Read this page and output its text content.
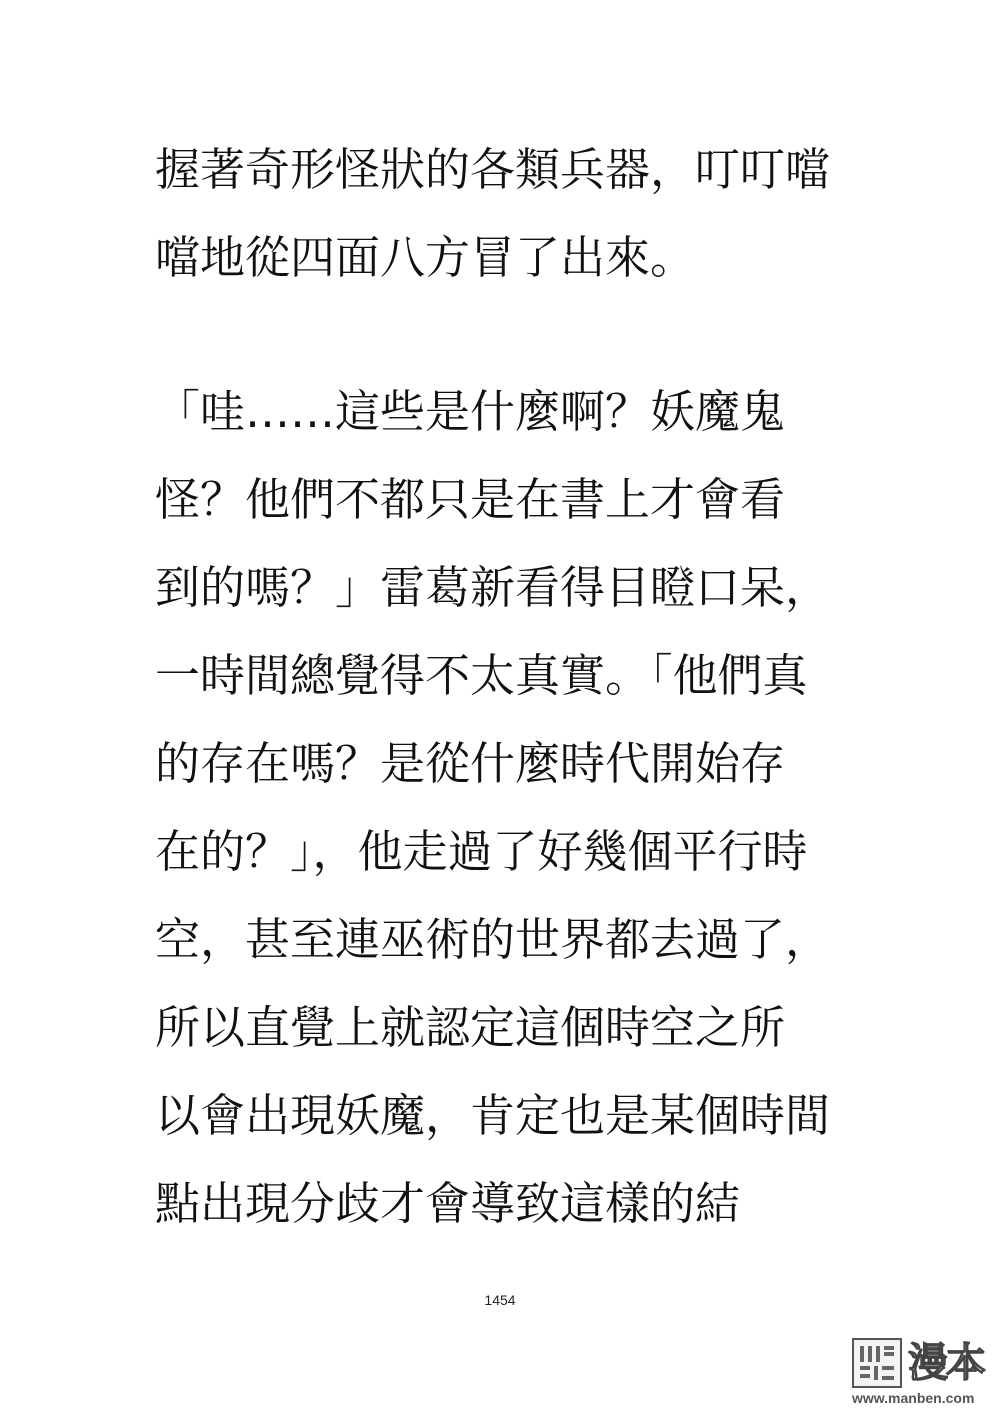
握著奇形怪狀的各類兵器，叮叮噹
噹地從四面八方冒了出來。
「哇……這些是什麼啊？妖魔鬼
怪？他們不都只是在書上才會看
到的嗎？」雷葛新看得目瞪口呆，
一時間總覺得不太真實。「他們真
的存在嗎？是從什麼時代開始存
在的？」，他走過了好幾個平行時
空，甚至連巫術的世界都去過了，
所以直覺上就認定這個時空之所
以會出現妖魔，肯定也是某個時間
點出現分歧才會導致這樣的結
1454
漫本
www.manben.com
